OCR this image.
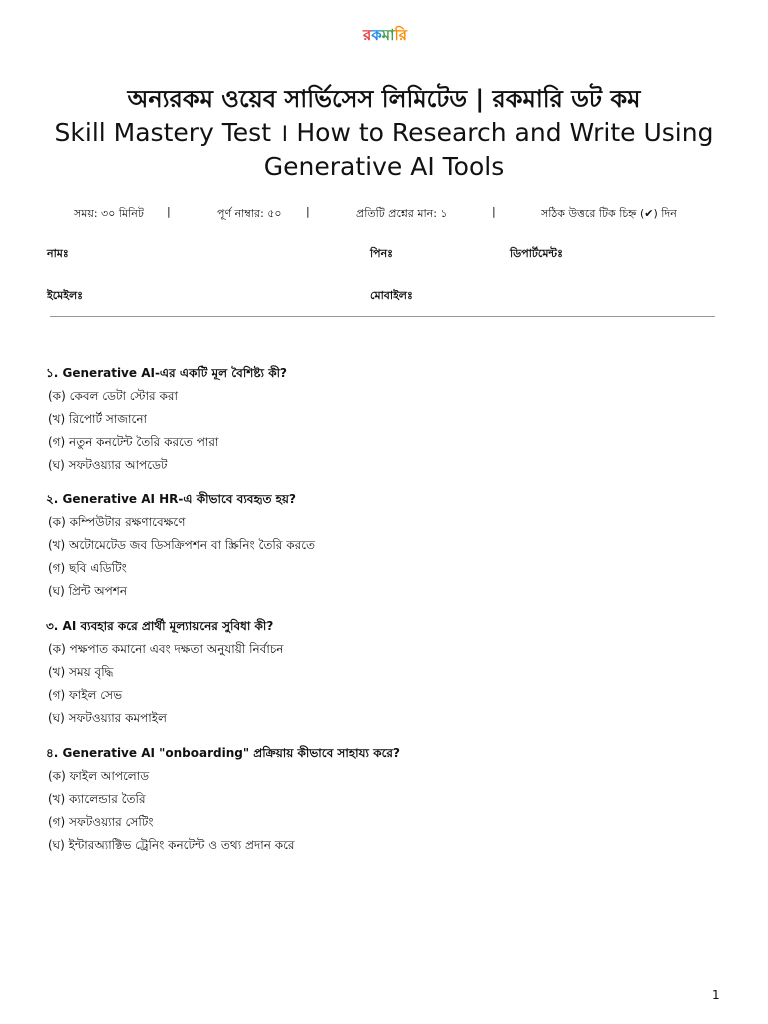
রকমারি
অন্যরকম ওয়েব সার্ভিসেস লিমিটেড | রকমারি ডট কম
Skill Mastery Test । How to Research and Write Using Generative AI Tools
সময়: ৩০ মিনিট |	পূর্ণ নাম্বার: ৫০ |	প্রতিটি প্রশ্নের মান: ১	|	সঠিক উত্তরে টিক চিহ্ন (✔) দিন
নামঃ	পিনঃ	ডিপার্টমেন্টঃ
ইমেইলঃ	মোবাইলঃ
১. Generative AI-এর একটি মূল বৈশিষ্ট্য কী?
(ক) কেবল ডেটা স্টোর করা
(খ) রিপোর্ট সাজানো
(গ) নতুন কনটেন্ট তৈরি করতে পারা
(ঘ) সফটওয়্যার আপডেট
২. Generative AI HR-এ কীভাবে ব্যবহৃত হয়?
(ক) কম্পিউটার রক্ষণাবেক্ষণে
(খ) অটোমেটেড জব ডিসক্রিপশন বা স্ক্রিনিং তৈরি করতে
(গ) ছবি এডিটিং
(ঘ) প্রিন্ট অপশন
৩. AI ব্যবহার করে প্রার্থী মূল্যায়নের সুবিধা কী?
(ক) পক্ষপাত কমানো এবং দক্ষতা অনুযায়ী নির্বাচন
(খ) সময় বৃদ্ধি
(গ) ফাইল সেভ
(ঘ) সফটওয়্যার কমপাইল
৪. Generative AI "onboarding" প্রক্রিয়ায় কীভাবে সাহায্য করে?
(ক) ফাইল আপলোড
(খ) ক্যালেন্ডার তৈরি
(গ) সফটওয়্যার সেটিং
(ঘ) ইন্টারঅ্যাক্টিভ ট্রেনিং কনটেন্ট ও তথ্য প্রদান করে
1
